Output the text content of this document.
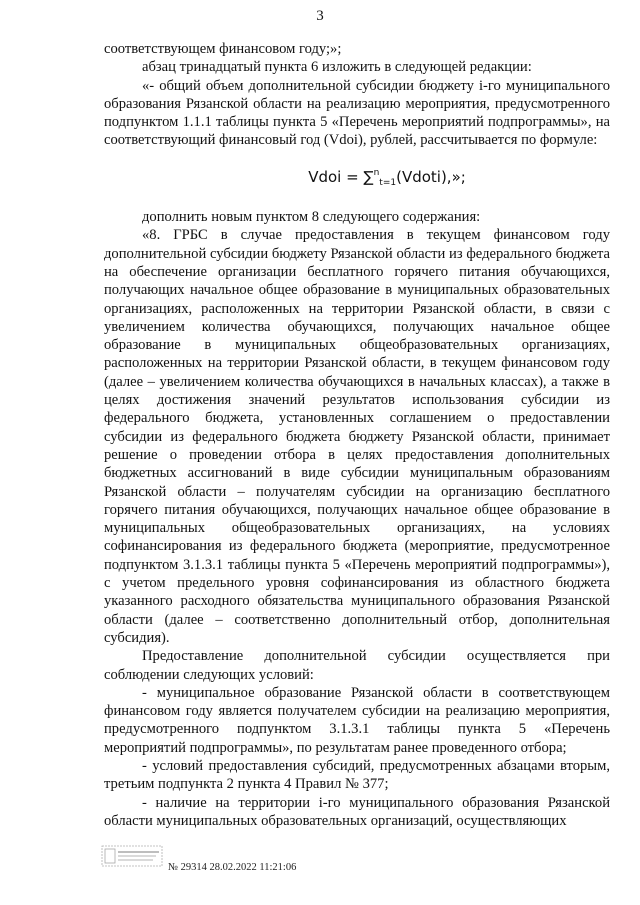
3

соответствующем финансовом году;»;

абзац тринадцатый пункта 6 изложить в следующей редакции:

«- общий объем дополнительной субсидии бюджету i-го муниципального образования Рязанской области на реализацию мероприятия, предусмотренного подпунктом 1.1.1 таблицы пункта 5 «Перечень мероприятий подпрограммы», на соответствующий финансовый год (Vdoi), рублей, рассчитывается по формуле:

Vdoi = ∑$^n_{t=1}$(Vdoti),»;

дополнить новым пунктом 8 следующего содержания:

«8. ГРБС в случае предоставления в текущем финансовом году дополнительной субсидии бюджету Рязанской области из федерального бюджета на обеспечение организации бесплатного горячего питания обучающихся, получающих начальное общее образование в муниципальных образовательных организациях, расположенных на территории Рязанской области, в связи с увеличением количества обучающихся, получающих начальное общее образование в муниципальных общеобразовательных организациях, расположенных на территории Рязанской области, в текущем финансовом году (далее – увеличением количества обучающихся в начальных классах), а также в целях достижения значений результатов использования субсидии из федерального бюджета, установленных соглашением о предоставлении субсидии из федерального бюджета бюджету Рязанской области, принимает решение о проведении отбора в целях предоставления дополнительных бюджетных ассигнований в виде субсидии муниципальным образованиям Рязанской области – получателям субсидии на организацию бесплатного горячего питания обучающихся, получающих начальное общее образование в муниципальных общеобразовательных организациях, на условиях софинансирования из федерального бюджета (мероприятие, предусмотренное подпунктом 3.1.3.1 таблицы пункта 5 «Перечень мероприятий подпрограммы»), с учетом предельного уровня софинансирования из областного бюджета указанного расходного обязательства муниципального образования Рязанской области (далее – соответственно дополнительный отбор, дополнительная субсидия).

Предоставление дополнительной субсидии осуществляется при соблюдении следующих условий:

- муниципальное образование Рязанской области в соответствующем финансовом году является получателем субсидии на реализацию мероприятия, предусмотренного подпунктом 3.1.3.1 таблицы пункта 5 «Перечень мероприятий подпрограммы», по результатам ранее проведенного отбора;

- условий предоставления субсидий, предусмотренных абзацами вторым, третьим подпункта 2 пункта 4 Правил № 377;

- наличие на территории i-го муниципального образования Рязанской области муниципальных образовательных организаций, осуществляющих

№ 29314 28.02.2022 11:21:06
